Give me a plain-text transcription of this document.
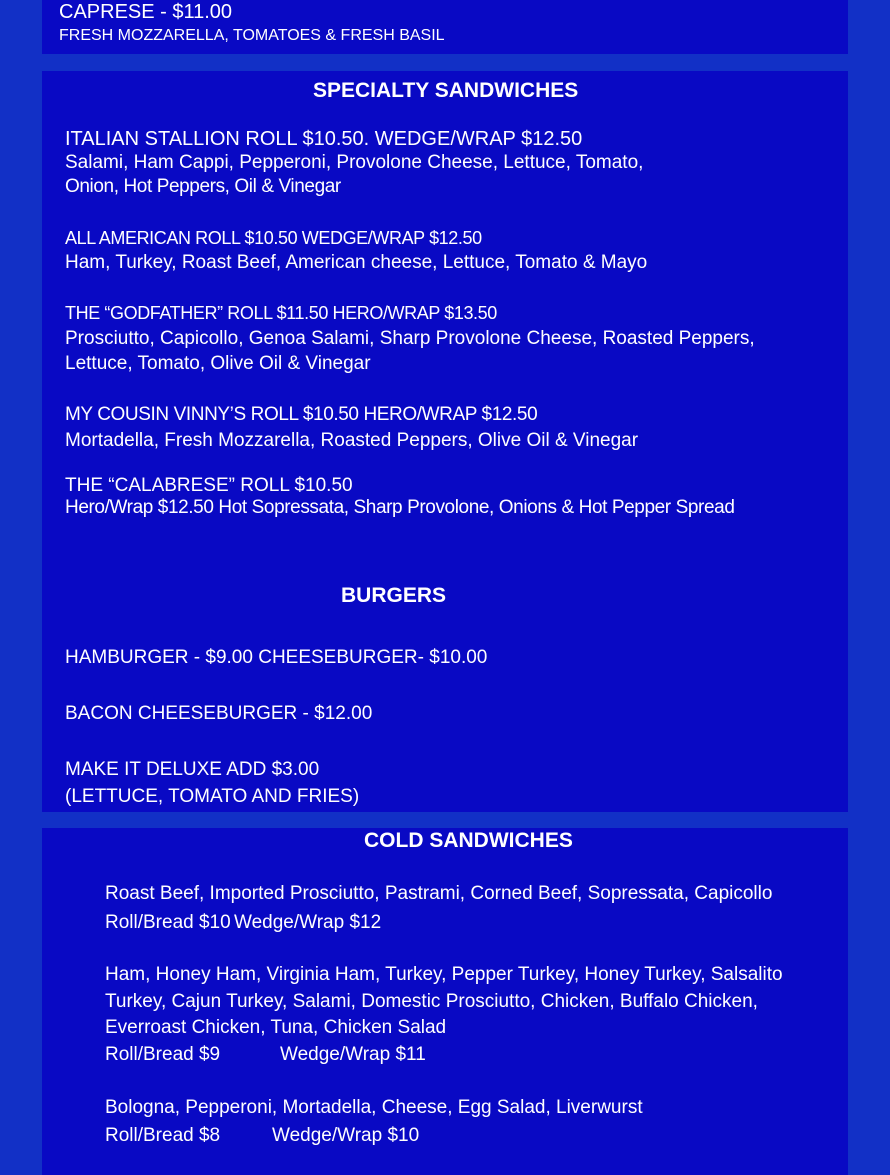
CAPRESE - $11.00
FRESH MOZZARELLA, TOMATOES & FRESH BASIL
SPECIALTY SANDWICHES
ITALIAN STALLION ROLL $10.50. WEDGE/WRAP $12.50
Salami, Ham Cappi, Pepperoni, Provolone Cheese, Lettuce, Tomato,
Onion, Hot Peppers, Oil & Vinegar
ALL AMERICAN ROLL $10.50 WEDGE/WRAP $12.50
Ham, Turkey, Roast Beef, American cheese, Lettuce, Tomato & Mayo
THE “GODFATHER” ROLL $11.50 HERO/WRAP $13.50
Prosciutto, Capicollo, Genoa Salami, Sharp Provolone Cheese, Roasted Peppers,
Lettuce, Tomato, Olive Oil & Vinegar
MY COUSIN VINNY’S ROLL $10.50 HERO/WRAP $12.50
Mortadella, Fresh Mozzarella, Roasted Peppers, Olive Oil & Vinegar
THE “CALABRESE” ROLL $10.50
Hero/Wrap $12.50 Hot Sopressata, Sharp Provolone, Onions & Hot Pepper Spread
BURGERS
HAMBURGER - $9.00 CHEESEBURGER- $10.00
BACON CHEESEBURGER - $12.00
MAKE IT DELUXE ADD $3.00
(LETTUCE, TOMATO AND FRIES)
COLD SANDWICHES
Roast Beef, Imported Prosciutto, Pastrami, Corned Beef, Sopressata, Capicollo
Roll/Bread $10 Wedge/Wrap $12
Ham, Honey Ham, Virginia Ham, Turkey, Pepper Turkey, Honey Turkey, Salsalito
Turkey, Cajun Turkey, Salami, Domestic Prosciutto, Chicken, Buffalo Chicken,
Everroast Chicken, Tuna, Chicken Salad
Roll/Bread $9	Wedge/Wrap $11
Bologna, Pepperoni, Mortadella, Cheese, Egg Salad, Liverwurst
Roll/Bread $8	Wedge/Wrap $10
